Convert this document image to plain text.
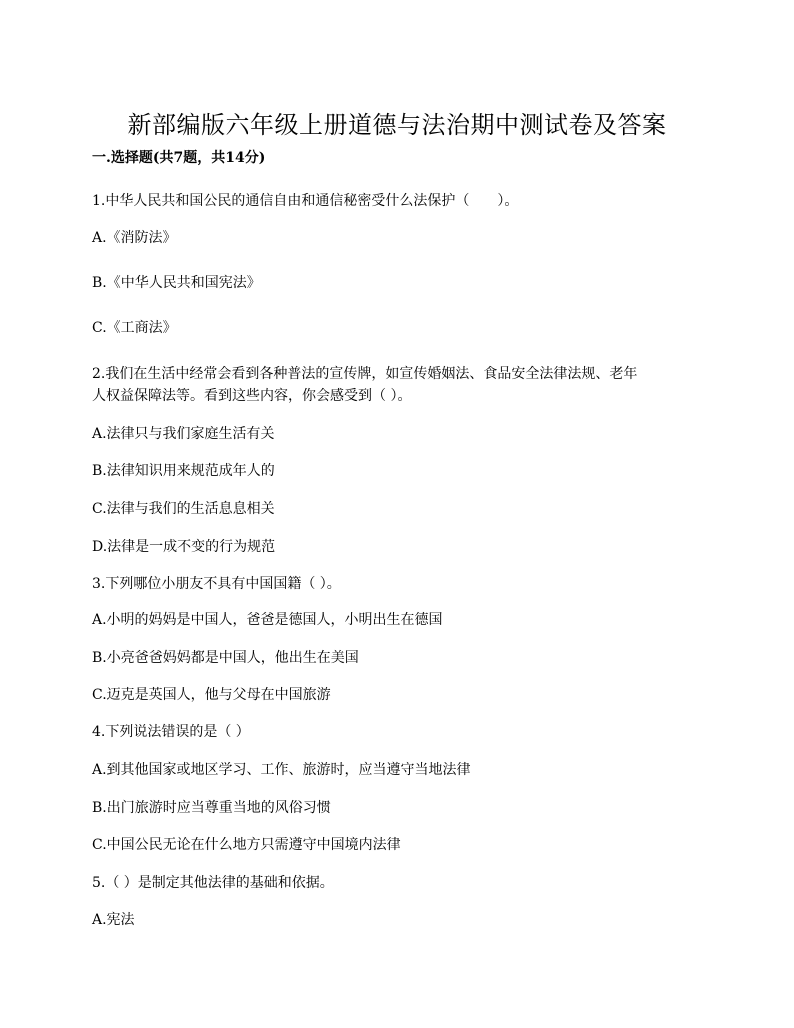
新部编版六年级上册道德与法治期中测试卷及答案
一.选择题(共7题，共14分)
1.中华人民共和国公民的通信自由和通信秘密受什么法保护（　　）。
A.《消防法》
B.《中华人民共和国宪法》
C.《工商法》
2.我们在生活中经常会看到各种普法的宣传牌，如宣传婚姻法、食品安全法律法规、老年
人权益保障法等。看到这些内容，你会感受到（ ）。
A.法律只与我们家庭生活有关
B.法律知识用来规范成年人的
C.法律与我们的生活息息相关
D.法律是一成不变的行为规范
3.下列哪位小朋友不具有中国国籍（ ）。
A.小明的妈妈是中国人，爸爸是德国人，小明出生在德国
B.小亮爸爸妈妈都是中国人，他出生在美国
C.迈克是英国人，他与父母在中国旅游
4.下列说法错误的是（ ）
A.到其他国家或地区学习、工作、旅游时，应当遵守当地法律
B.出门旅游时应当尊重当地的风俗习惯
C.中国公民无论在什么地方只需遵守中国境内法律
5.（ ）是制定其他法律的基础和依据。
A.宪法
